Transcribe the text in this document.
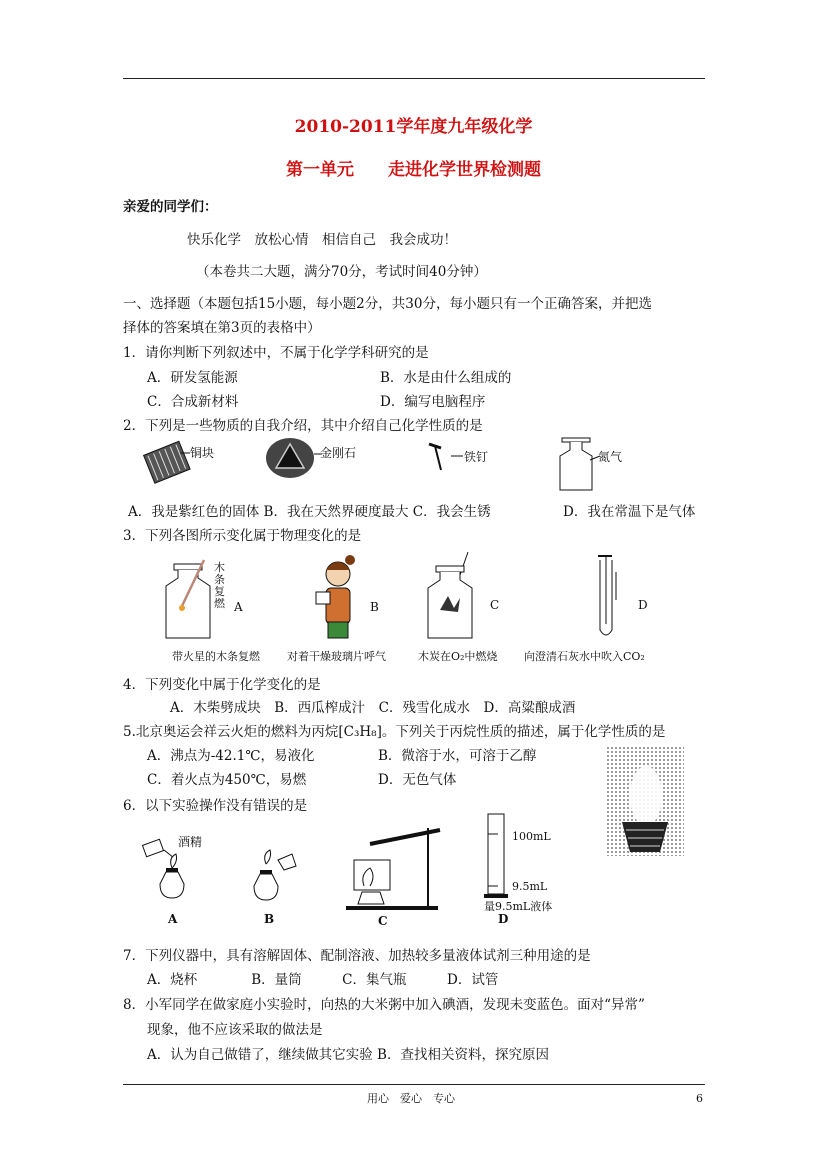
2010-2011学年度九年级化学
第一单元　　走进化学世界检测题
亲爱的同学们：
快乐化学　放松心情　相信自己　我会成功！
（本卷共二大题，满分70分，考试时间40分钟）
一、选择题（本题包括15小题，每小题2分，共30分，每小题只有一个正确答案，并把选
择体的答案填在第3页的表格中）
1．请你判断下列叙述中，不属于化学学科研究的是
A．研发氢能源	B．水是由什么组成的
C．合成新材料	D．编写电脑程序
2．下列是一些物质的自我介绍，其中介绍自己化学性质的是
铜块	金刚石	铁钉	氮气
A．我是紫红色的固体 B．我在天然界硬度最大 C．我会生锈	D．我在常温下是气体
3．下列各图所示变化属于物理变化的是
木条复燃 A	B	C	D
带火星的木条复燃 对着干燥玻璃片呼气	木炭在O₂中燃烧 向澄清石灰水中吹入CO₂
4．下列变化中属于化学变化的是
A．木柴劈成块　B．西瓜榨成汁　C．残雪化成水　D．高粱酿成酒
5.北京奥运会祥云火炬的燃料为丙烷[C₃H₈]。下列关于丙烷性质的描述，属于化学性质的是
A．沸点为-42.1℃，易液化	B．微溶于水，可溶于乙醇
C．着火点为450℃，易燃	D．无色气体
6．以下实验操作没有错误的是
酒精
A	B	C
100mL
9.5mL
量9.5mL液体
D
7．下列仪器中，具有溶解固体、配制溶液、加热较多量液体试剂三种用途的是
A．烧杯　　　　B．量筒　　　C．集气瓶　　　D．试管
8．小军同学在做家庭小实验时，向热的大米粥中加入碘酒，发现未变蓝色。面对“异常”
现象，他不应该采取的做法是
A．认为自己做错了，继续做其它实验 B．查找相关资料，探究原因
用心　爱心　专心	6
